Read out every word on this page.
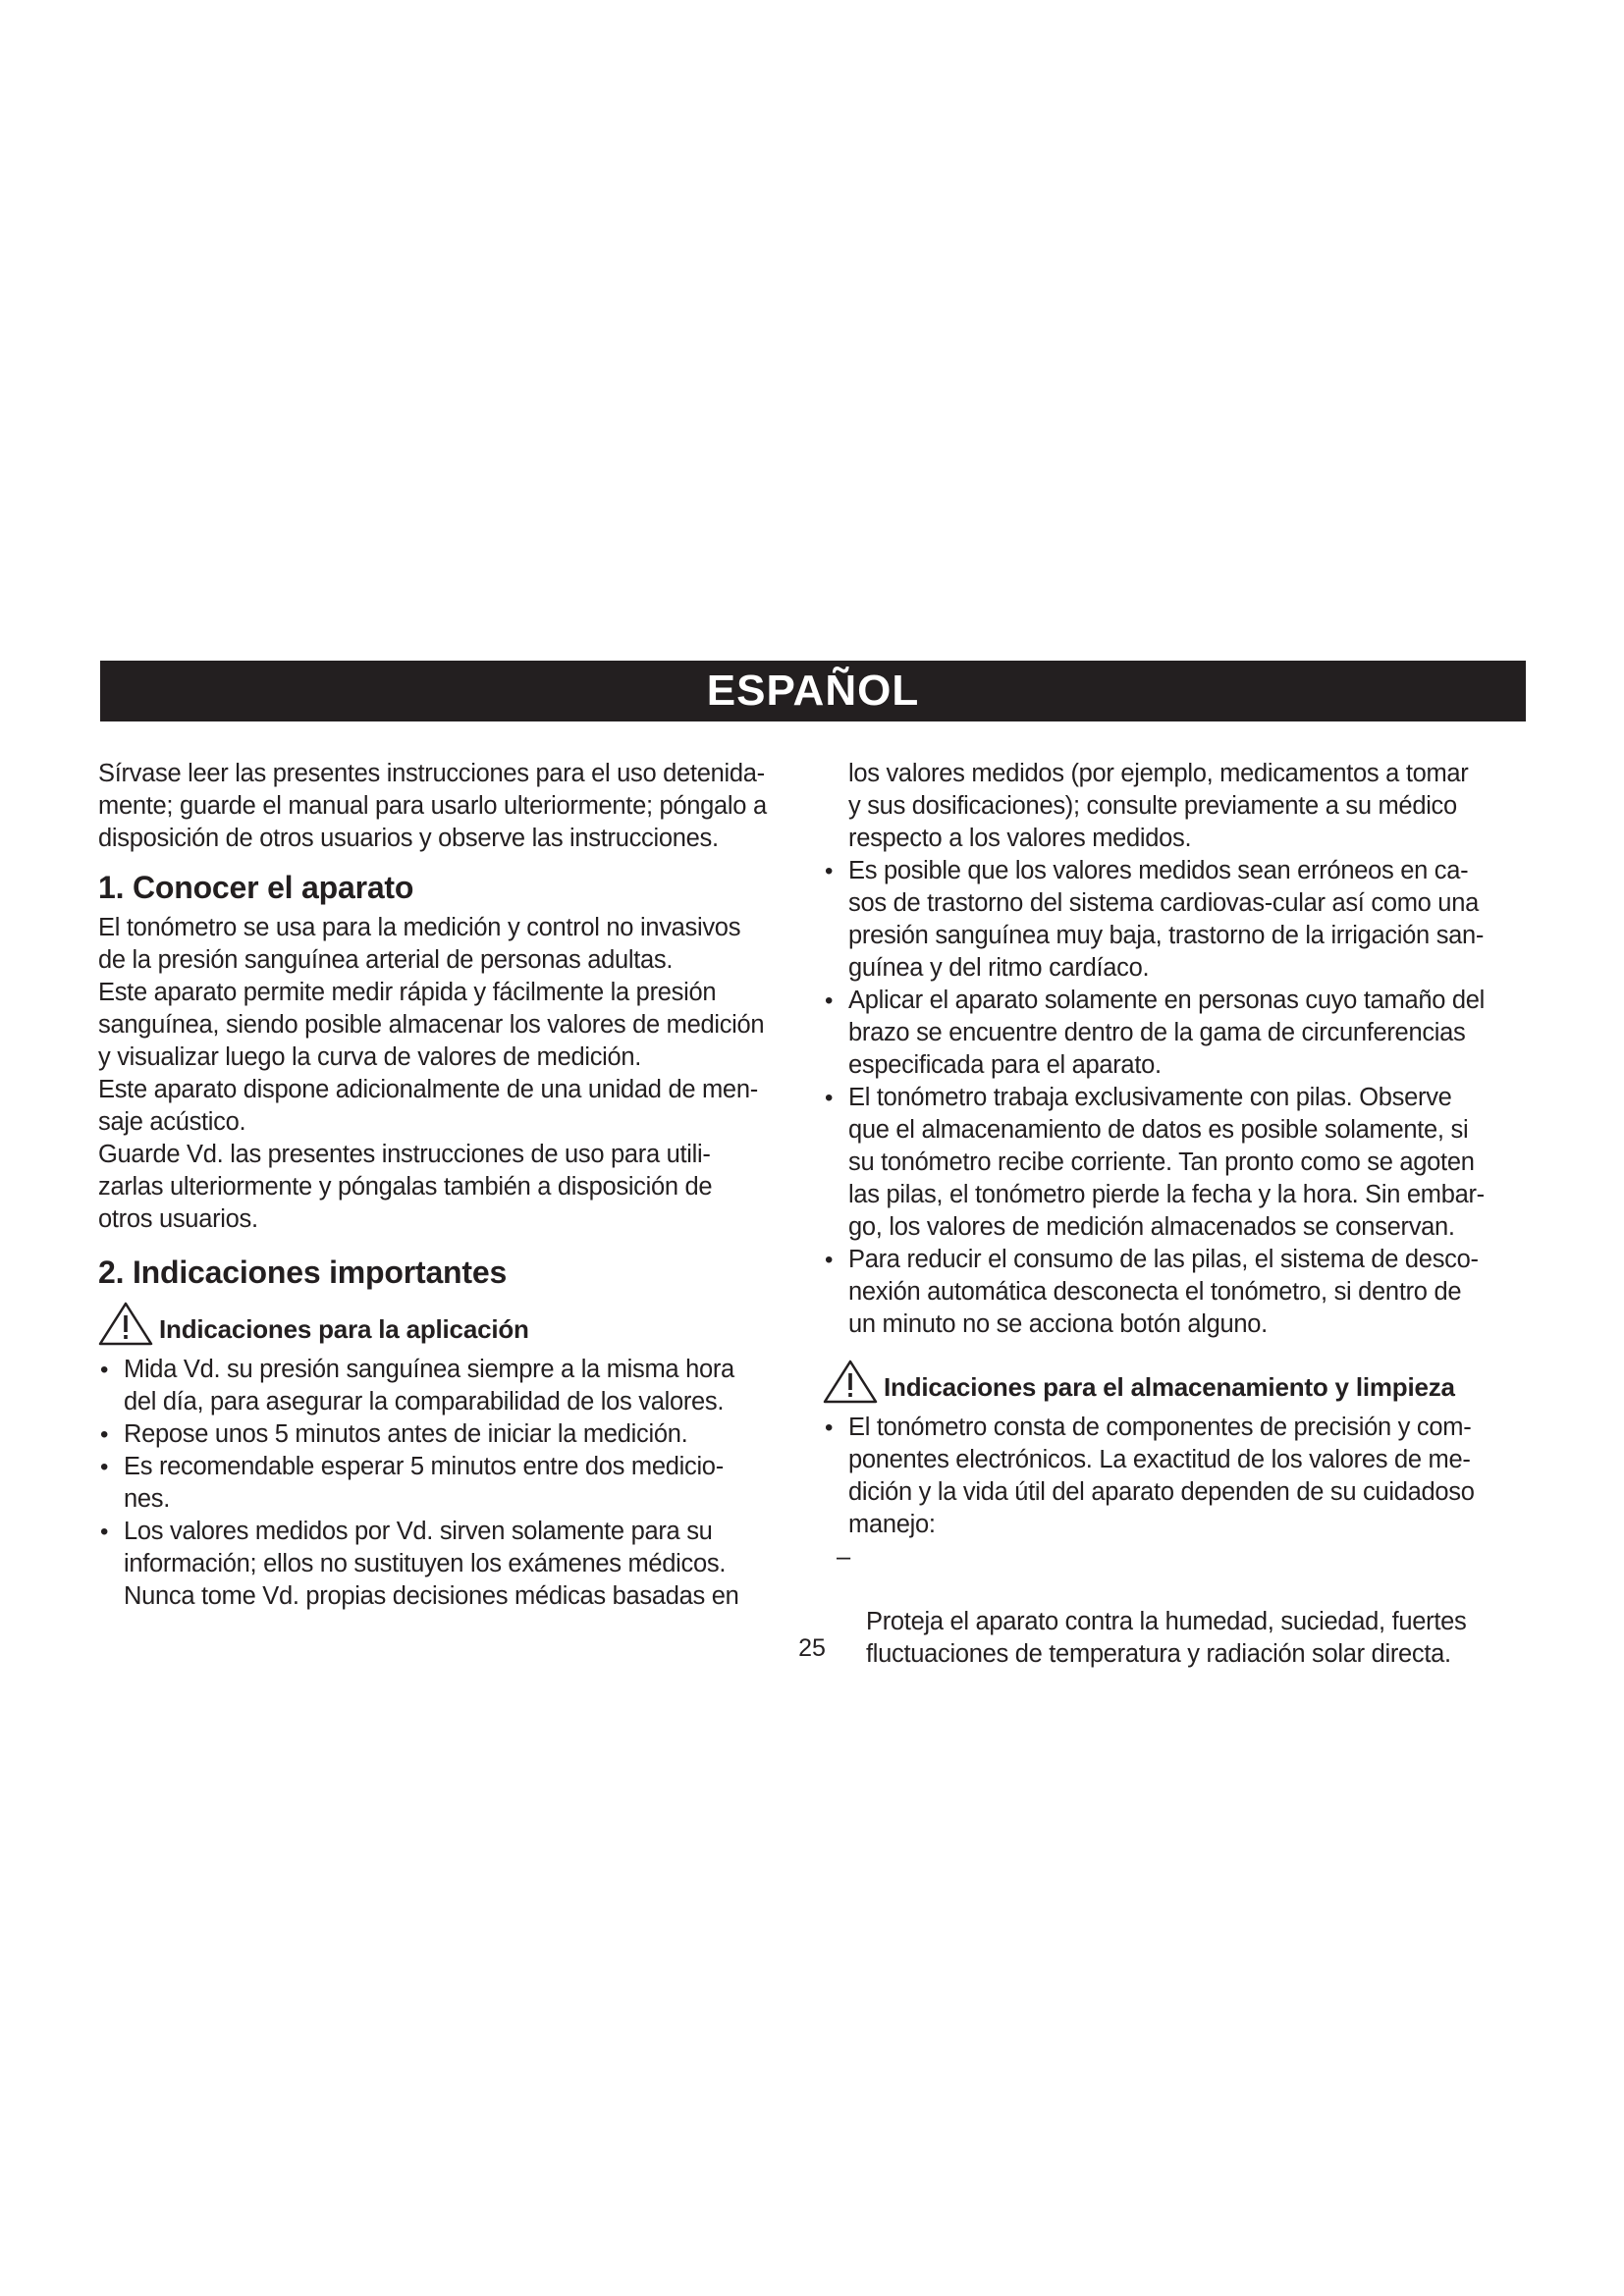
ESPAÑOL

Sírvase leer las presentes instrucciones para el uso detenida-
mente; guarde el manual para usarlo ulteriormente; póngalo a
disposición de otros usuarios y observe las instrucciones.

1. Conocer el aparato

El tonómetro se usa para la medición y control no invasivos
de la presión sanguínea arterial de personas adultas.

Este aparato permite medir rápida y fácilmente la presión
sanguínea, siendo posible almacenar los valores de medición
y visualizar luego la curva de valores de medición.

Este aparato dispone adicionalmente de una unidad de men-
saje acústico.

Guarde Vd. las presentes instrucciones de uso para utili-
zarlas ulteriormente y póngalas también a disposición de
otros usuarios.

2. Indicaciones importantes
Indicaciones para la aplicación
• Mida Vd. su presión sanguínea siempre a la misma hora
del día, para asegurar la comparabilidad de los valores.
• Repose unos 5 minutos antes de iniciar la medición.
• Es recomendable esperar 5 minutos entre dos medicio-
nes.
• Los valores medidos por Vd. sirven solamente para su
información; ellos no sustituyen los exámenes médicos.
Nunca tome Vd. propias decisiones médicas basadas en

los valores medidos (por ejemplo, medicamentos a tomar
y sus dosificaciones); consulte previamente a su médico
respecto a los valores medidos.

• Es posible que los valores medidos sean erróneos en ca-
sos de trastorno del sistema cardiovas-cular así como una
presión sanguínea muy baja, trastorno de la irrigación san-
guínea y del ritmo cardíaco.
• Aplicar el aparato solamente en personas cuyo tamaño del
brazo se encuentre dentro de la gama de circunferencias
especificada para el aparato.
• El tonómetro trabaja exclusivamente con pilas. Observe
que el almacenamiento de datos es posible solamente, si
su tonómetro recibe corriente. Tan pronto como se agoten
las pilas, el tonómetro pierde la fecha y la hora. Sin embar-
go, los valores de medición almacenados se conservan.
• Para reducir el consumo de las pilas, el sistema de desco-
nexión automática desconecta el tonómetro, si dentro de
un minuto no se acciona botón alguno.
Indicaciones para el almacenamiento y limpieza
• El tonómetro consta de componentes de precisión y com-
ponentes electrónicos. La exactitud de los valores de me-
dición y la vida útil del aparato dependen de su cuidadoso
manejo:

–

Proteja el aparato contra la humedad, suciedad, fuertes
fluctuaciones de temperatura y radiación solar directa.

25
